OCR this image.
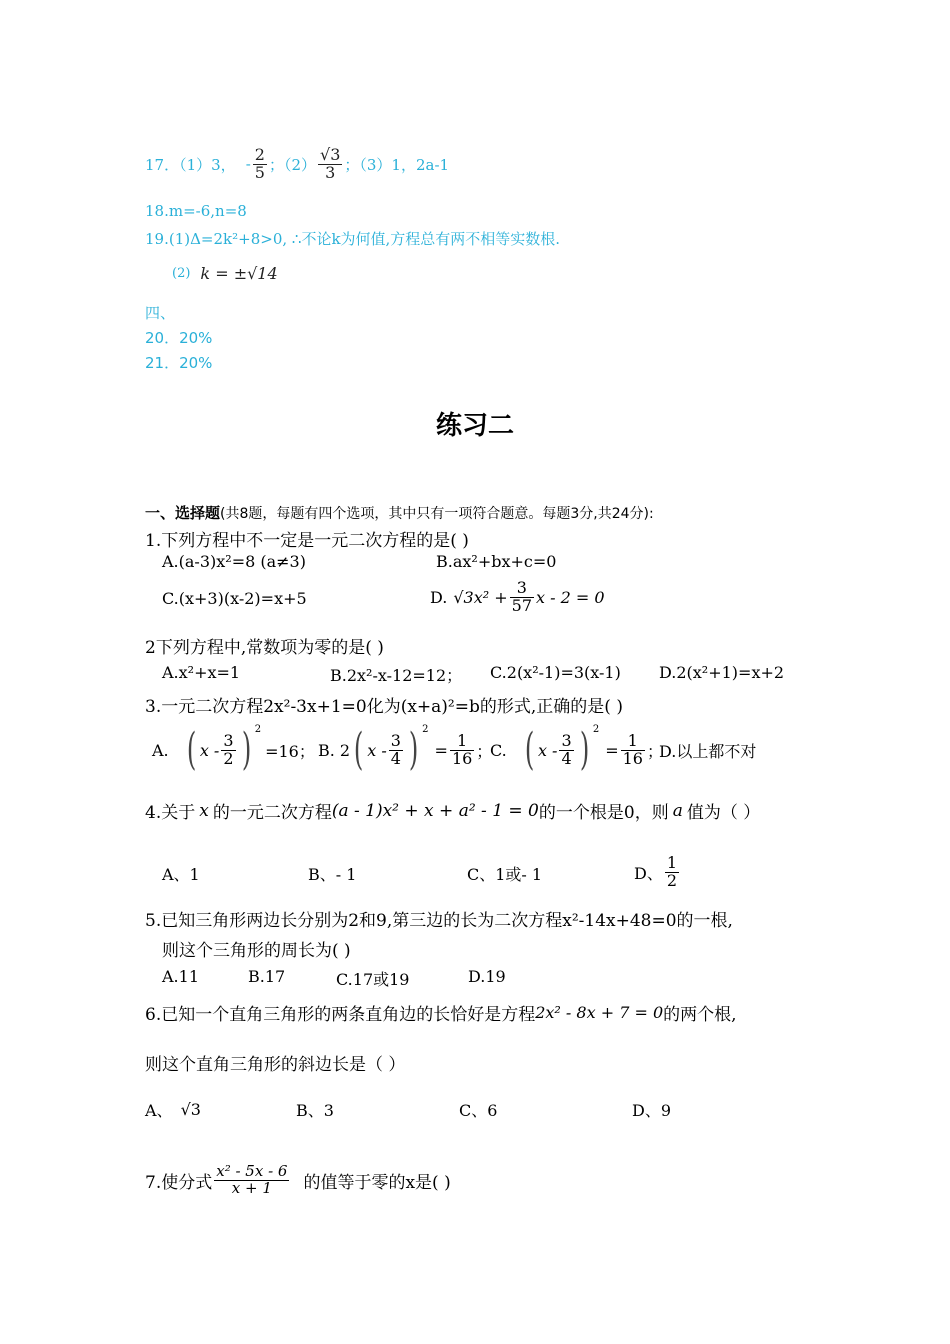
17．（1）3， - $\frac{2}{5}$ ；$(2) \frac{√3}{3}$ ；（3）1，2a-1
18.m=-6,n=8
19.(1)Δ=2k²+8>0, ∴不论k为何值,方程总有两不相等实数根.
(2) k = ±√14
四、
20．20%
21．20%
练习二
一、选择题(共8题，每题有四个选项，其中只有一项符合题意。每题3分,共24分):
1.下列方程中不一定是一元二次方程的是( )
A.(a-3)x²=8 (a≠3)	B.ax²+bx+c=0
C.(x+3)(x-2)=x+5	D. $√3x^2 + \frac{3}{57}$ x - 2 = 0
2下列方程中,常数项为零的是( )
A.x²+x=1	B.2x²-x-12=12； C.2(x²-1)=3(x-1) D.2(x²+1)=x+2
3.一元二次方程2x²-3x+1=0化为(x+a)²=b的形式,正确的是( )
A. ( x - $\frac{3}{2}$ ) $^2$
=16； B. 2 ( x - $\frac{3}{4}$ ) $^2$
= $\frac{1}{16}$ ；
C. ( x - $\frac{3}{4}$ ) $^2$
= $\frac{1}{16}$ ；
D.以上都不对
4.关于 x 的一元二次方程 (a - 1)x² + x + a² - 1 = 0 的一个根是0，则 a 值为（ ）
A、1	B、- 1	C、1或- 1	D、 $\frac{1}{2}$
5.已知三角形两边长分别为2和9,第三边的长为二次方程x²-14x+48=0的一根,
则这个三角形的周长为( )
A.11	B.17	C.17或19	D.19
6.已知一个直角三角形的两条直角边的长恰好是方程 2x² - 8x + 7 = 0 的两个根,
则这个直角三角形的斜边长是（ ）
A、 √3	B、3	C、6	D、9
7.使分式 $\frac{\text{x² - 5x - 6}}{x + 1}$ 的值等于零的x是( )
